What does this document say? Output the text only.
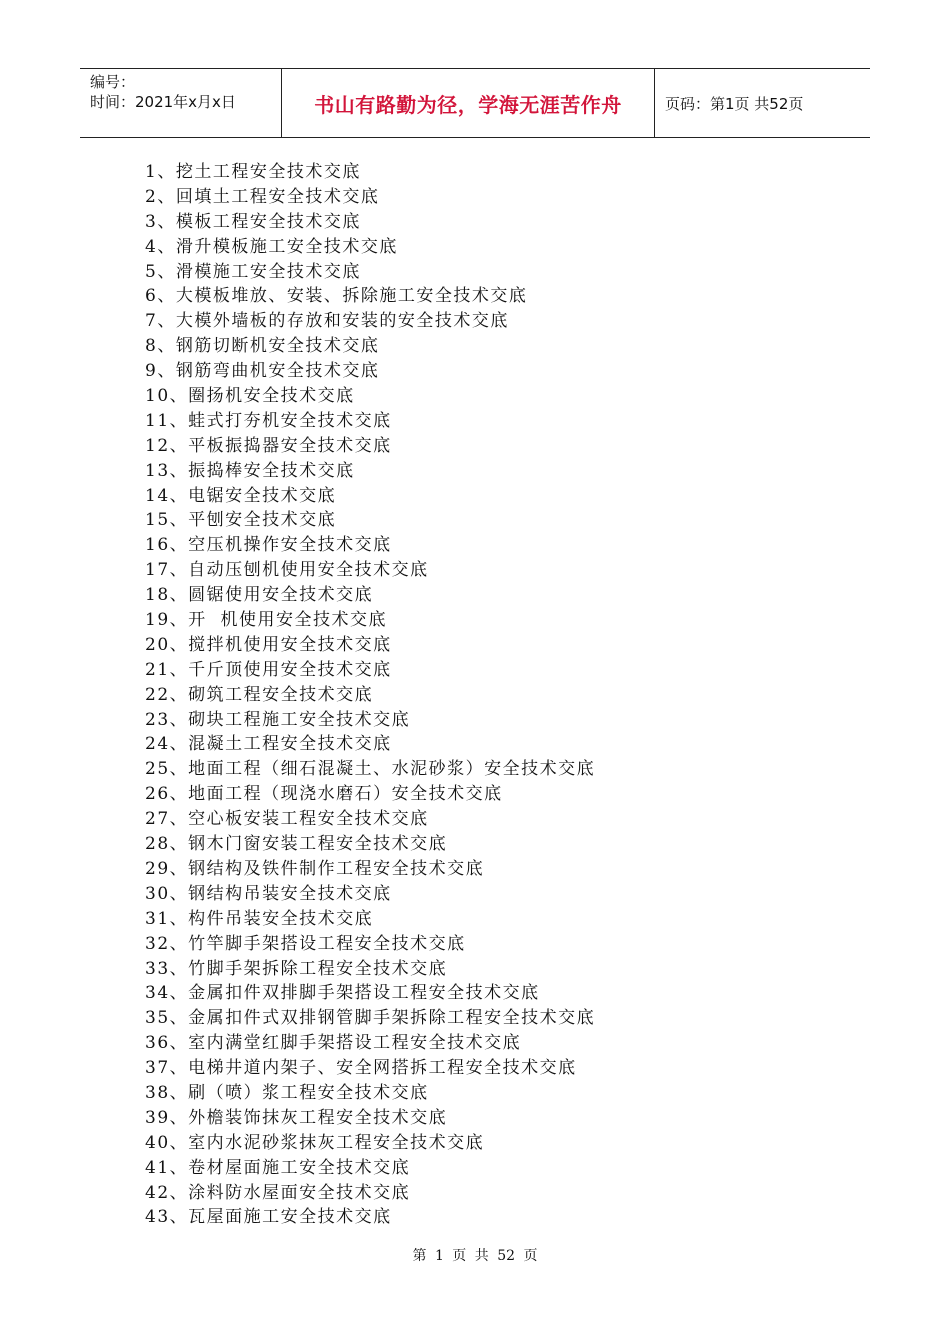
编号：
时间：2021年x月x日	书山有路勤为径，学海无涯苦作舟	页码：第1页 共52页
1、挖土工程安全技术交底
2、回填土工程安全技术交底
3、模板工程安全技术交底
4、滑升模板施工安全技术交底
5、滑模施工安全技术交底
6、大模板堆放、安装、拆除施工安全技术交底
7、大模外墙板的存放和安装的安全技术交底
8、钢筋切断机安全技术交底
9、钢筋弯曲机安全技术交底
10、圈扬机安全技术交底
11、蛙式打夯机安全技术交底
12、平板振捣器安全技术交底
13、振捣棒安全技术交底
14、电锯安全技术交底
15、平刨安全技术交底
16、空压机操作安全技术交底
17、自动压刨机使用安全技术交底
18、圆锯使用安全技术交底
19、开  机使用安全技术交底
20、搅拌机使用安全技术交底
21、千斤顶使用安全技术交底
22、砌筑工程安全技术交底
23、砌块工程施工安全技术交底
24、混凝土工程安全技术交底
25、地面工程（细石混凝土、水泥砂浆）安全技术交底
26、地面工程（现浇水磨石）安全技术交底
27、空心板安装工程安全技术交底
28、钢木门窗安装工程安全技术交底
29、钢结构及铁件制作工程安全技术交底
30、钢结构吊装安全技术交底
31、构件吊装安全技术交底
32、竹竿脚手架搭设工程安全技术交底
33、竹脚手架拆除工程安全技术交底
34、金属扣件双排脚手架搭设工程安全技术交底
35、金属扣件式双排钢管脚手架拆除工程安全技术交底
36、室内满堂红脚手架搭设工程安全技术交底
37、电梯井道内架子、安全网搭拆工程安全技术交底
38、刷（喷）浆工程安全技术交底
39、外檐装饰抹灰工程安全技术交底
40、室内水泥砂浆抹灰工程安全技术交底
41、卷材屋面施工安全技术交底
42、涂料防水屋面安全技术交底
43、瓦屋面施工安全技术交底
第 1 页 共 52 页
